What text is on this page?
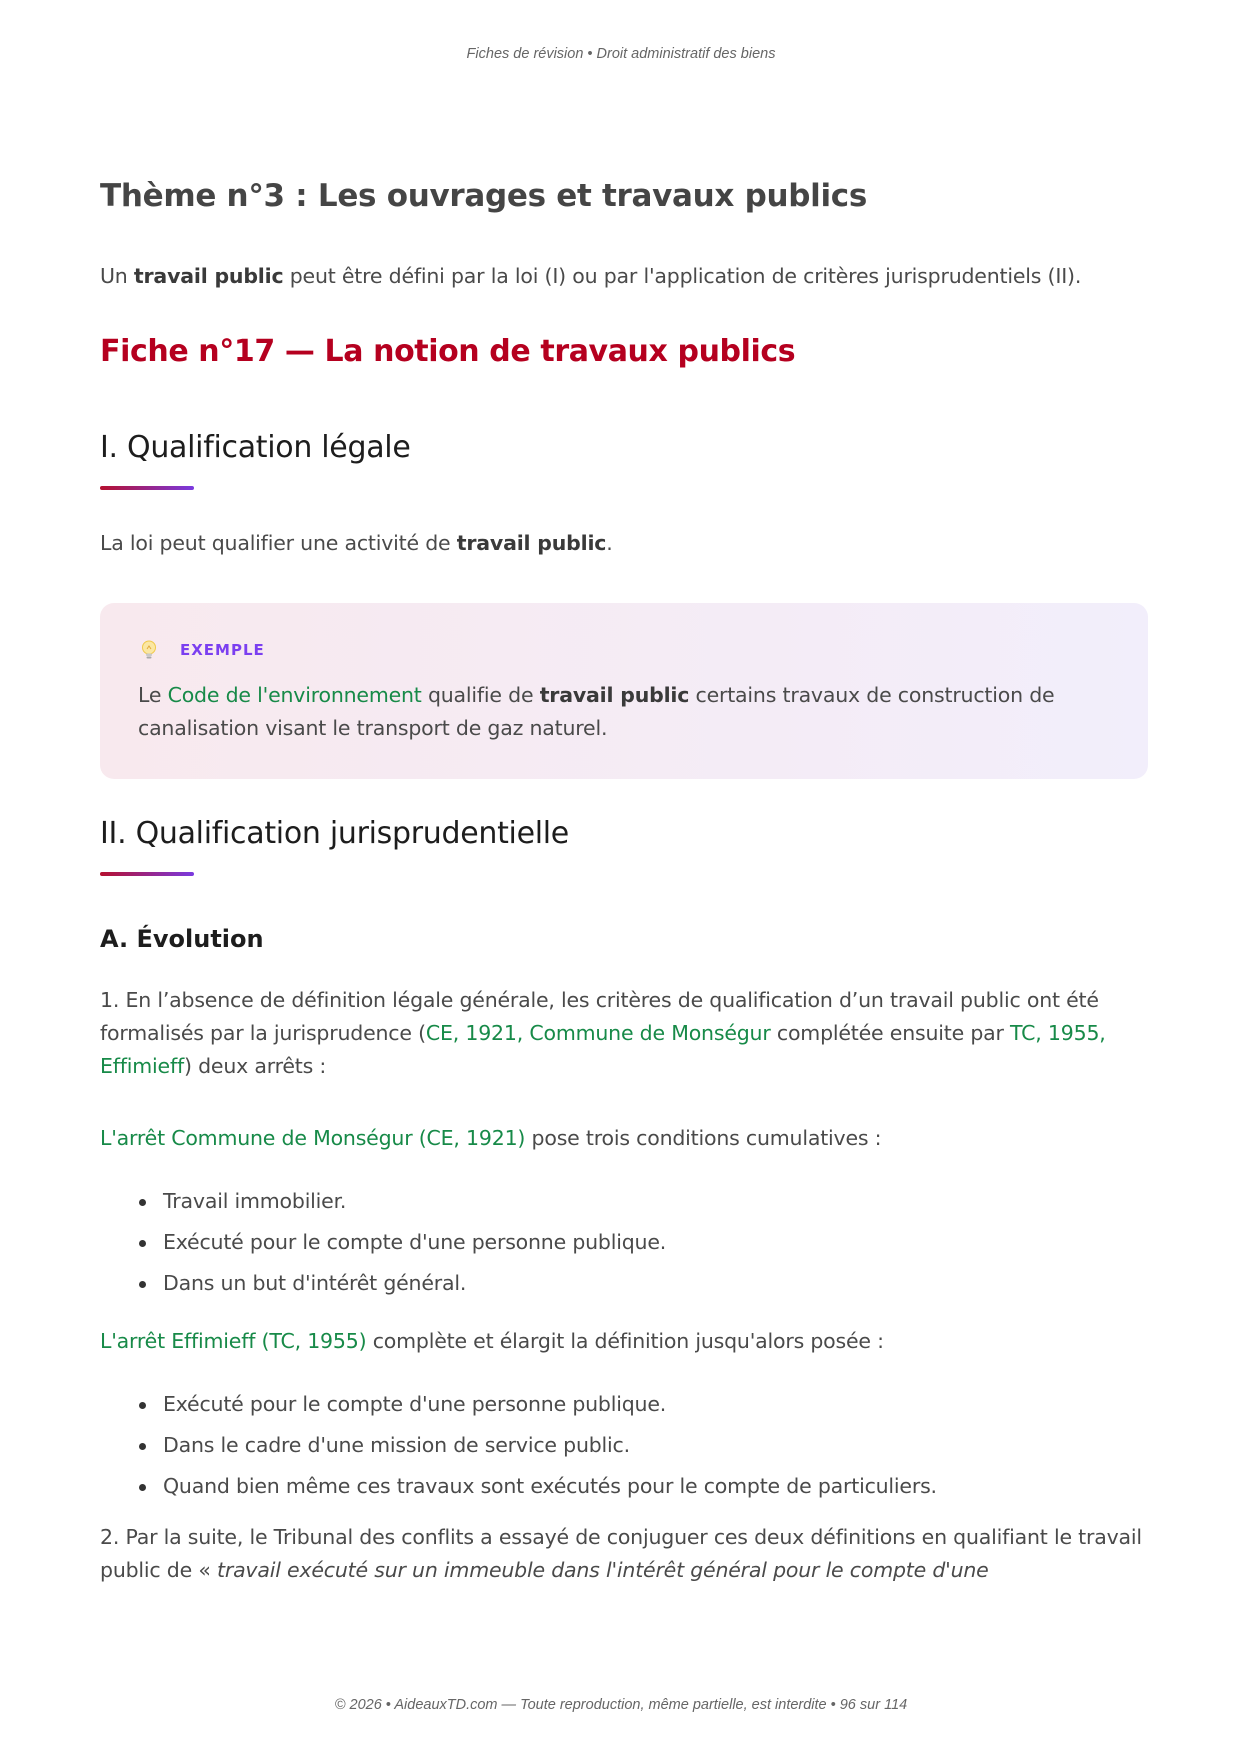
Fiches de révision • Droit administratif des biens
Thème n°3 : Les ouvrages et travaux publics

Un travail public peut être défini par la loi (I) ou par l'application de critères jurisprudentiels (II).

Fiche n°17 — La notion de travaux publics
I. Qualification légale

La loi peut qualifier une activité de travail public.

EXEMPLE

Le Code de l'environnement qualifie de travail public certains travaux de construction de canalisation visant le transport de gaz naturel.

II. Qualification jurisprudentielle
A. Évolution

1. En l’absence de définition légale générale, les critères de qualification d’un travail public ont été formalisés par la jurisprudence (CE, 1921, Commune de Monségur complétée ensuite par TC, 1955, Effimieff) deux arrêts :

L'arrêt Commune de Monségur (CE, 1921) pose trois conditions cumulatives :

Travail immobilier.
Exécuté pour le compte d'une personne publique.
Dans un but d'intérêt général.

L'arrêt Effimieff (TC, 1955) complète et élargit la définition jusqu'alors posée :

Exécuté pour le compte d'une personne publique.
Dans le cadre d'une mission de service public.
Quand bien même ces travaux sont exécutés pour le compte de particuliers.

2. Par la suite, le Tribunal des conflits a essayé de conjuguer ces deux définitions en qualifiant le travail public de « travail exécuté sur un immeuble dans l'intérêt général pour le compte d'une

© 2026 • AideauxTD.com — Toute reproduction, même partielle, est interdite • 96 sur 114
